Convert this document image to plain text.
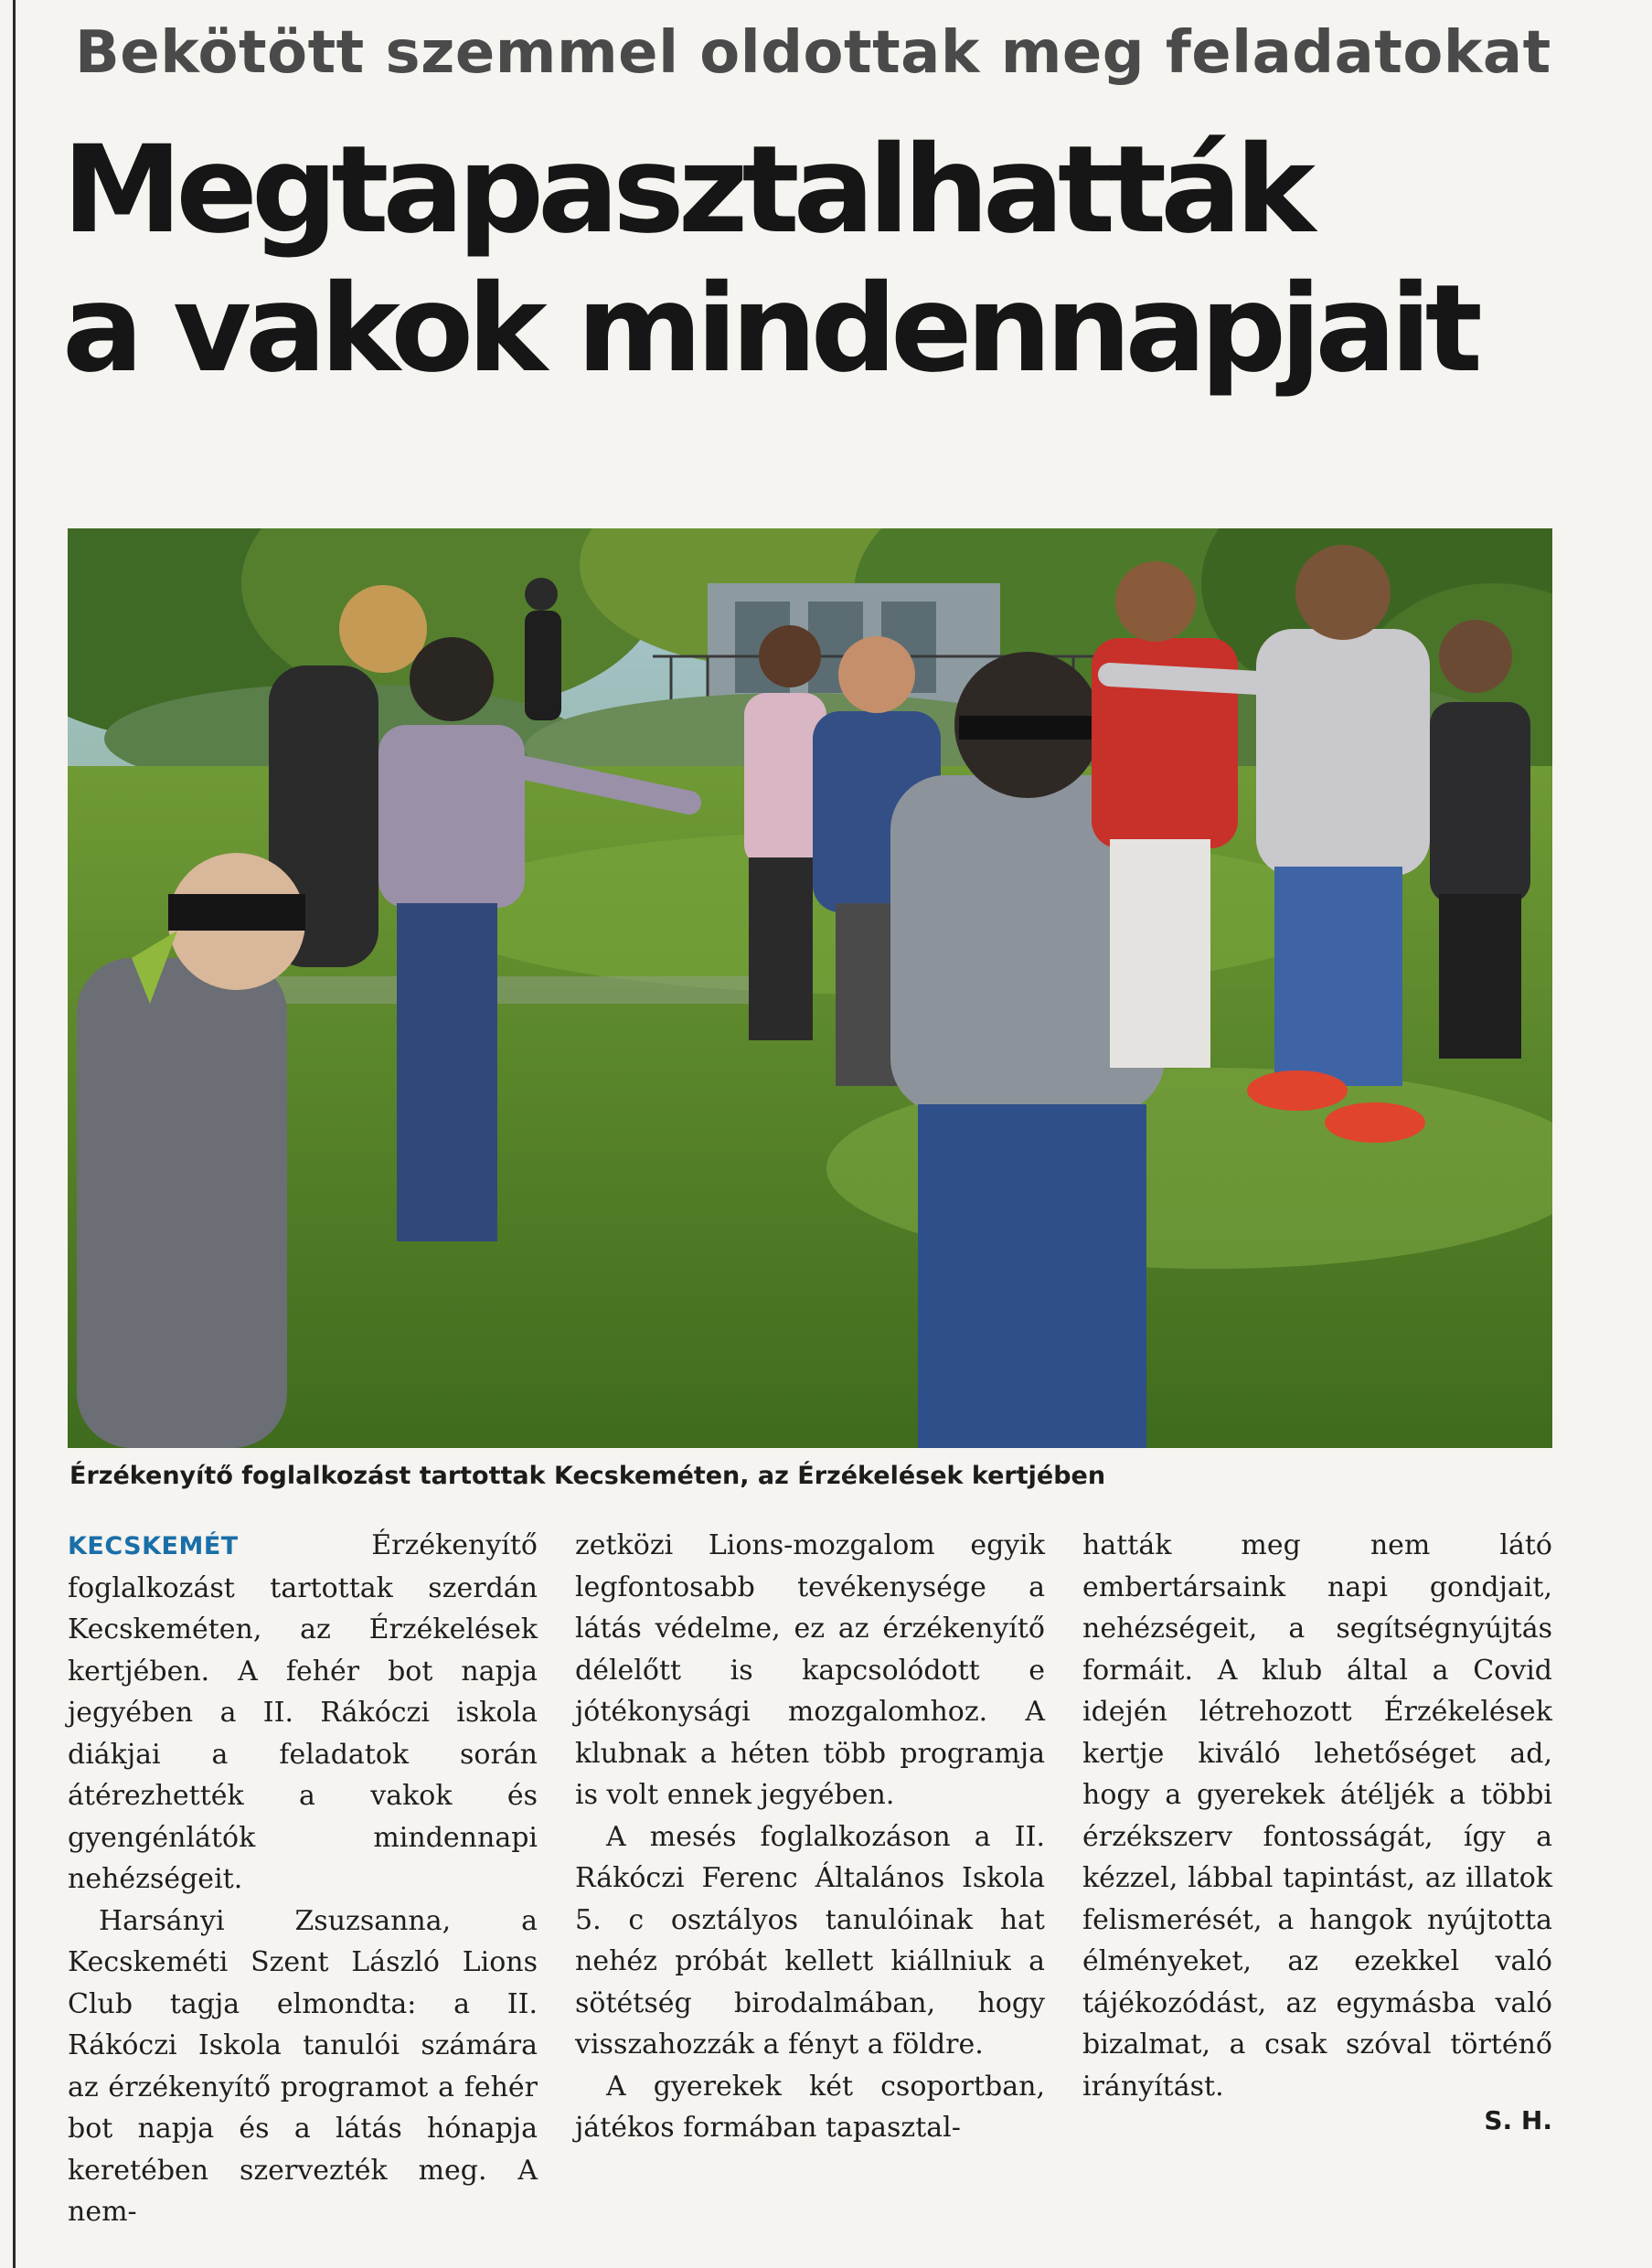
Bekötött szemmel oldottak meg feladatokat
Megtapasztalhatták
a vakok mindennapjait
Érzékenyítő foglalkozást tartottak Kecskeméten, az Érzékelések kertjében

KECSKEMÉT	Érzékenyítő foglalkozást tartottak szerdán Kecskeméten, az Érzékelések kertjében. A fehér bot napja jegyében a II. Rákóczi iskola diákjai a feladatok során átérezhették a vakok és gyengénlátók mindennapi nehézségeit.

Harsányi Zsuzsanna, a Kecskeméti Szent László Lions Club tagja elmondta: a II. Rákóczi Iskola tanulói számára az érzékenyítő programot a fehér bot napja és a látás hónapja keretében szervezték meg. A nem-

zetközi Lions-mozgalom egyik legfontosabb tevékenysége a látás védelme, ez az érzékenyítő délelőtt is kapcsolódott e jótékonysági mozgalomhoz. A klubnak a héten több programja is volt ennek jegyében.

A mesés foglalkozáson a II. Rákóczi Ferenc Általános Iskola 5. c osztályos tanulóinak hat nehéz próbát kellett kiállniuk a sötétség birodalmában, hogy visszahozzák a fényt a földre.

A gyerekek két csoportban, játékos formában tapasztal-

hatták meg nem látó embertársaink napi gondjait, nehézségeit, a segítségnyújtás formáit. A klub által a Covid idején létrehozott Érzékelések kertje kiváló lehetőséget ad, hogy a gyerekek átéljék a többi érzékszerv fontosságát, így a kézzel, lábbal tapintást, az illatok felismerését, a hangok nyújtotta élményeket, az ezekkel való tájékozódást, az egymásba való bizalmat, a csak szóval történő irányítást.

S. H.
